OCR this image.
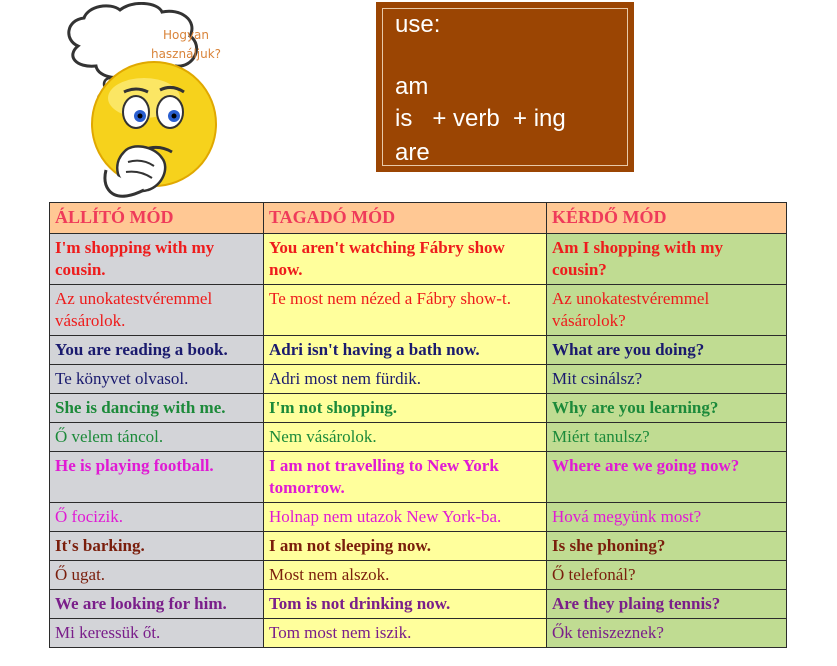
Hogyan
használjuk?
use:
am
is   + verb  + ing
are
ÁLLÍTÓ MÓD	TAGADÓ MÓD	KÉRDŐ MÓD
I'm shopping with my cousin.	You aren't watching Fábry show now.	Am I shopping with my cousin?
Az unokatestvéremmel vásárolok.	Te most nem nézed a Fábry show-t.	Az unokatestvéremmel vásárolok?
You are reading a book.	Adri isn't having a bath now.	What are you doing?
Te könyvet olvasol.	Adri most nem fürdik.	Mit csinálsz?
She is dancing with me.	I'm not shopping.	Why are you learning?
Ő velem táncol.	Nem vásárolok.	Miért tanulsz?
He is playing football.	I am not travelling to New York tomorrow.	Where are we going now?
Ő focizik.	Holnap nem utazok New York-ba.	Hová megyünk most?
It's barking.	I am not sleeping now.	Is she phoning?
Ő ugat.	Most nem alszok.	Ő telefonál?
We are looking for him.	Tom is not drinking now.	Are they plaing tennis?
Mi keressük őt.	Tom most nem iszik.	Ők teniszeznek?
